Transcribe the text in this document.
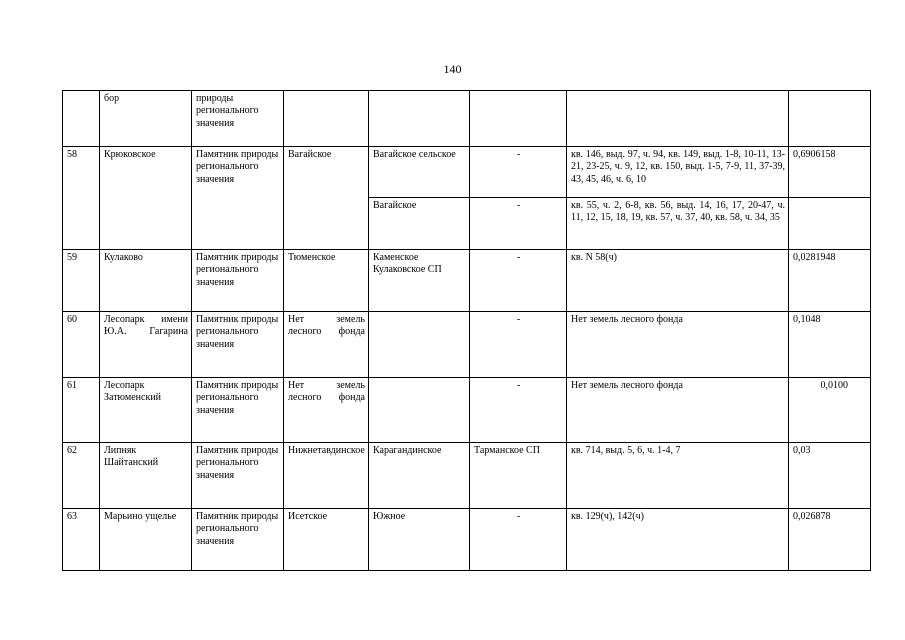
140
	бор	природы регионального значения					
58	Крюковское	Памятник природы регионального значения	Вагайское	Вагайское сельское	-	кв. 146, выд. 97, ч. 94, кв. 149, выд. 1-8, 10-11, 13-21, 23-25, ч. 9, 12, кв. 150, выд. 1-5, 7-9, 11, 37-39, 43, 45, 46, ч. 6, 10	0,6906158
				Вагайское	-	кв. 55, ч. 2, 6-8, кв. 56, выд. 14, 16, 17, 20-47, ч. 11, 12, 15, 18, 19, кв. 57, ч. 37, 40, кв. 58, ч. 34, 35	
59	Кулаково	Памятник природы регионального значения	Тюменское	Каменское Кулаковское СП	-	кв. N 58(ч)	0,0281948
60	Лесопарк имени Ю.А. Гагарина	Памятник природы регионального значения	Нет земель лесного фонда		-	Нет земель лесного фонда	0,1048
61	Лесопарк Затюменский	Памятник природы регионального значения	Нет земель лесного фонда		-	Нет земель лесного фонда	0,0100
62	Липняк Шайтанский	Памятник природы регионального значения	Нижнетавдинское	Карагандинское	Тарманское СП	кв. 714, выд. 5, 6, ч. 1-4, 7	0,03
63	Марьино ущелье	Памятник природы регионального значения	Исетское	Южное	-	кв. 129(ч), 142(ч)	0,026878
